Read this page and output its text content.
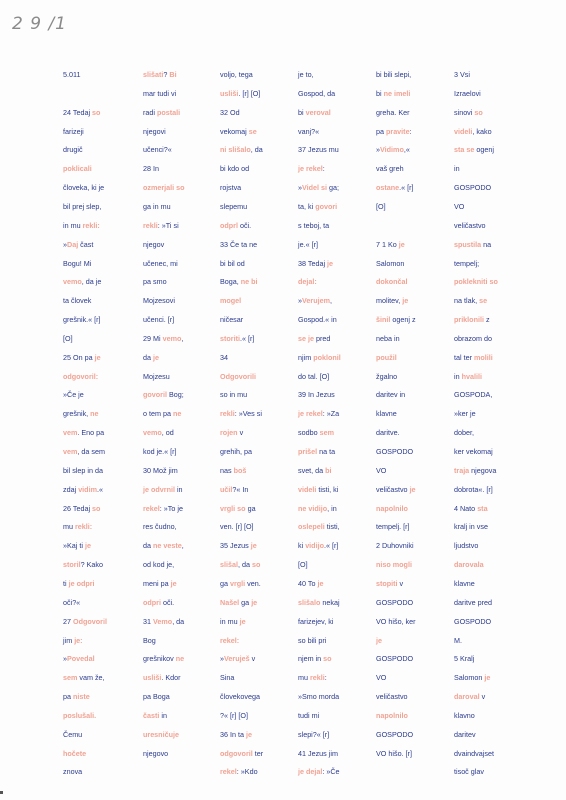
2 9 /1
5.011
24 Tedaj so
farizeji
drugič
poklicali
človeka, ki je
bil prej slep,
in mu rekli:
»Daj čast
Bogu! Mi
vemo, da je
ta človek
grešnik.« [r]
[O]
25 On pa je
odgovoril:
»Če je
grešnik, ne
vem. Eno pa
vem, da sem
bil slep in da
zdaj vidim.«
26 Tedaj so
mu rekli:
»Kaj ti je
storil? Kako
ti je odpri
oči?«
27 Odgovoril
jim je:
»Povedal
sem vam že,
pa niste
poslušali.
Čemu
hočete
znova
slišati? Bi
mar tudi vi
radi postali
njegovi
učenci?«
28 In
ozmerjali so
ga in mu
rekli: »Ti si
njegov
učenec, mi
pa smo
Mojzesovi
učenci. [r]
29 Mi vemo,
da je
Mojzesu
govoril Bog;
o tem pa ne
vemo, od
kod je.« [r]
30 Mož jim
je odvrnil in
rekel: »To je
res čudno,
da ne veste,
od kod je,
meni pa je
odpri oči.
31 Vemo, da
Bog
grešnikov ne
usliši. Kdor
pa Boga
časti in
uresničuje
njegovo
voljo, tega
usliši. [r] [O]
32 Od
vekomaj se
ni slišalo, da
bi kdo od
rojstva
slepemu
odprl oči.
33 Če ta ne
bi bil od
Boga, ne bi
mogel
ničesar
storiti.« [r]
34
Odgovorili
so in mu
rekli: »Ves si
rojen v
grehih, pa
nas boš
učil?« In
vrgli so ga
ven. [r] [O]
35 Jezus je
slišal, da so
ga vrgli ven.
Našel ga je
in mu je
rekel:
»Veruješ v
Sina
človekovega
?« [r] [O]
36 In ta je
odgovoril ter
rekel: »Kdo
je to,
Gospod, da
bi veroval
vanj?«
37 Jezus mu
je rekel:
»Videl si ga;
ta, ki govori
s teboj, ta
je.« [r]
38 Tedaj je
dejal:
»Verujem,
Gospod.« in
se je pred
njim poklonil
do tal. [O]
39 In Jezus
je rekel: »Za
sodbo sem
prišel na ta
svet, da bi
videli tisti, ki
ne vidijo, in
oslepeli tisti,
ki vidijo.« [r]
[O]
40 To je
slišalo nekaj
farizejev, ki
so bili pri
njem in so
mu rekli:
»Smo morda
tudi mi
slepi?« [r]
41 Jezus jim
je dejal: »Če
bi bili slepi,
bi ne imeli
greha. Ker
pa pravite:
»Vidimo,«
vaš greh
ostane.« [r]
[O]
7 1 Ko je
Salomon
dokončal
molitev, je
šinil ogenj z
neba in
použil
žgalno
daritev in
klavne
daritve.
GOSPODO
VO
veličastvo je
napolnilo
tempelj. [r]
2 Duhovniki
niso mogli
stopiti v
GOSPODO
VO hišo, ker
je
GOSPODO
VO
veličastvo
napolnilo
GOSPODO
VO hišo. [r]
3 Vsi
Izraelovi
sinovi so
videli, kako
sta se ogenj
in
GOSPODO
VO
veličastvo
spustila na
tempelj;
poklekniti so
na tlak, se
priklonili z
obrazom do
tal ter molili
in hvalili
GOSPODA,
»ker je
dober,
ker vekomaj
traja njegova
dobrota«. [r]
4 Nato sta
kralj in vse
ljudstvo
darovala
klavne
daritve pred
GOSPODO
M.
5 Kralj
Salomon je
daroval v
klavno
daritev
dvaindvajset
tisoč glav
